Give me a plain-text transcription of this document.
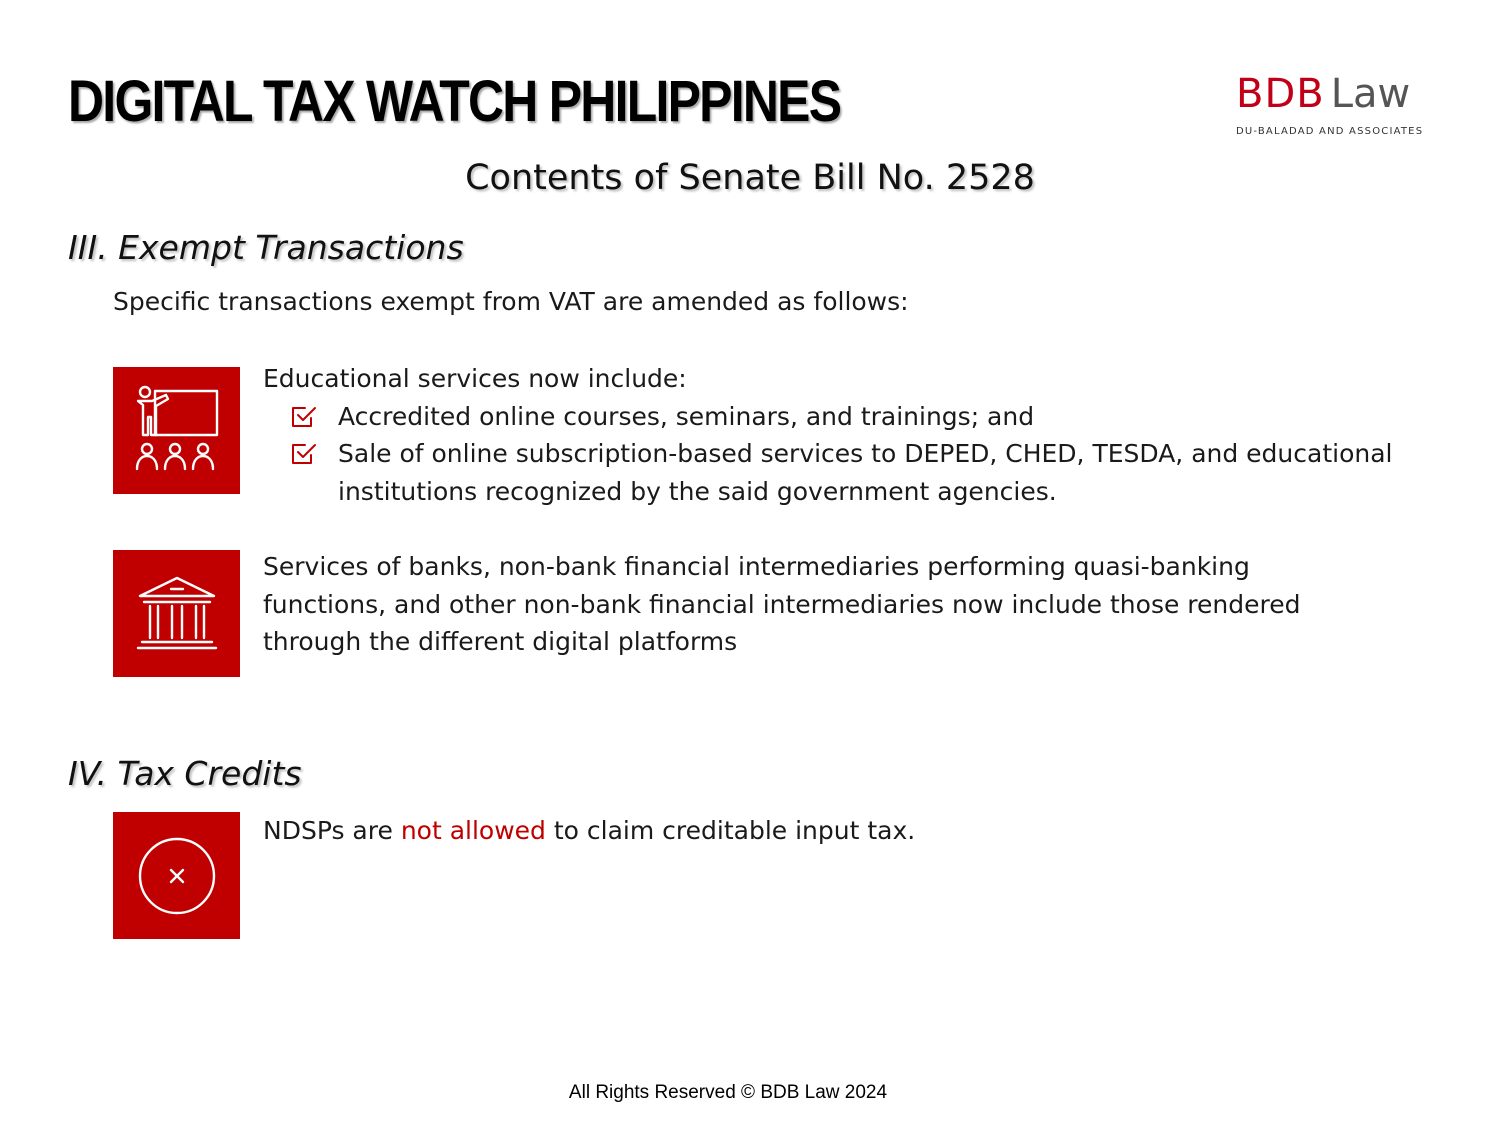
DIGITAL TAX WATCH PHILIPPINES	BDB Law
DU-BALADAD AND ASSOCIATES
Contents of Senate Bill No. 2528
III. Exempt Transactions
Specific transactions exempt from VAT are amended as follows:
Educational services now include:
Accredited online courses, seminars, and trainings; and
Sale of online subscription-based services to DEPED, CHED, TESDA, and educational institutions recognized by the said government agencies.
Services of banks, non-bank financial intermediaries performing quasi-banking functions, and other non-bank financial intermediaries now include those rendered through the different digital platforms
IV. Tax Credits
NDSPs are not allowed to claim creditable input tax.
All Rights Reserved © BDB Law 2024
